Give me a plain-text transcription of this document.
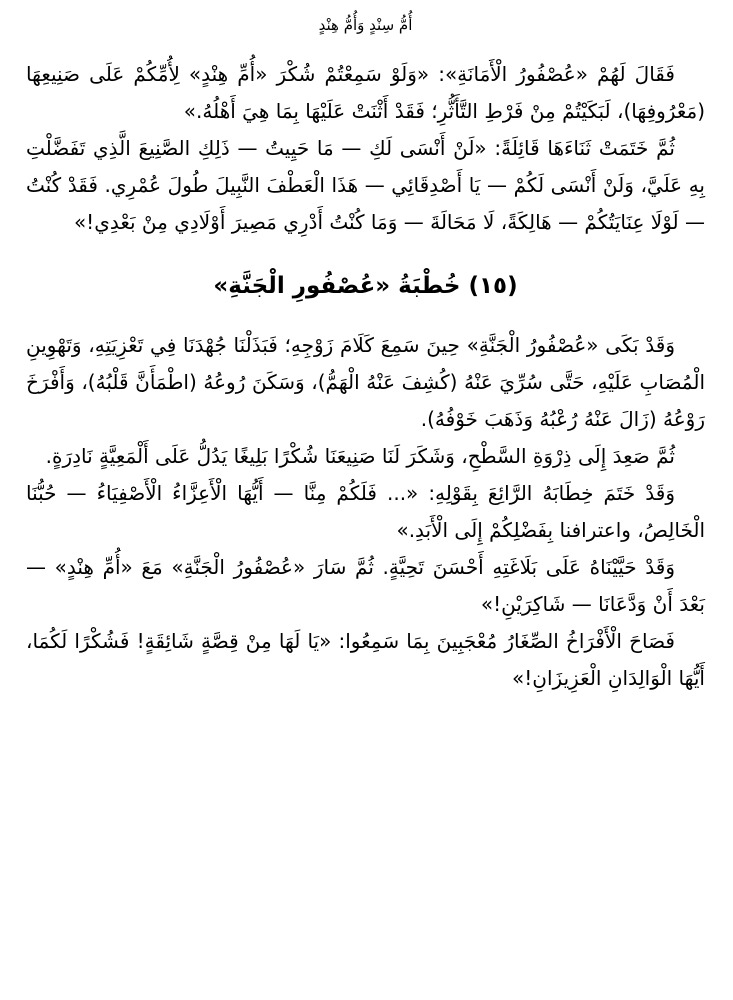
أُمُّ سِنْدٍ وَأُمُّ هِنْدٍ

فَقَالَ لَهُمْ «عُصْفُورُ الْأَمَانَةِ»: «وَلَوْ سَمِعْتُمْ شُكْرَ «أُمِّ هِنْدٍ» لِأُمِّكُمْ عَلَى صَنِيعِهَا (مَعْرُوفِهَا)، لَبَكَيْتُمْ مِنْ فَرْطِ التَّأَثُّرِ؛ فَقَدْ أَثْنَتْ عَلَيْهَا بِمَا هِيَ أَهْلُهُ.»

ثُمَّ خَتَمَتْ ثَنَاءَهَا قَائِلَةً: «لَنْ أَنْسَى لَكِ — مَا حَيِيتُ — ذَلِكِ الصَّنِيعَ الَّذِي تَفَضَّلْتِ بِهِ عَلَيَّ، وَلَنْ أَنْسَى لَكُمْ — يَا أَصْدِقَائِي — هَذَا الْعَطْفَ النَّبِيلَ طُولَ عُمْرِي. فَقَدْ كُنْتُ — لَوْلَا عِنَايَتُكُمْ — هَالِكَةً، لَا مَحَالَةَ — وَمَا كُنْتُ أَدْرِي مَصِيرَ أَوْلَادِي مِنْ بَعْدِي!»

(١٥) خُطْبَةُ «عُصْفُورِ الْجَنَّةِ»

وَقَدْ بَكَى «عُصْفُورُ الْجَنَّةِ» حِينَ سَمِعَ كَلَامَ زَوْجِهِ؛ فَبَذَلْنَا جُهْدَنَا فِي تَعْزِيَتِهِ، وَتَهْوِينِ الْمُصَابِ عَلَيْهِ، حَتَّى سُرِّيَ عَنْهُ (كُشِفَ عَنْهُ الْهَمُّ)، وَسَكَنَ رُوعُهُ (اطْمَأَنَّ قَلْبُهُ)، وَأَفْرَخَ رَوْعُهُ (زَالَ عَنْهُ رُعْبُهُ وَذَهَبَ خَوْفُهُ).

ثُمَّ صَعِدَ إِلَى ذِرْوَةِ السَّطْحِ، وَشَكَرَ لَنَا صَنِيعَنَا شُكْرًا بَلِيغًا يَدُلُّ عَلَى أَلْمَعِيَّةٍ نَادِرَةٍ.

وَقَدْ خَتَمَ خِطَابَهُ الرَّائِعَ بِقَوْلِهِ: «... فَلَكُمْ مِنَّا — أَيُّهَا الْأَعِزَّاءُ الْأَصْفِيَاءُ — حُبُّنَا الْخَالِصُ، واعترافنا بِفَضْلِكُمْ إِلَى الْأَبَدِ.»

وَقَدْ حَيَّيْنَاهُ عَلَى بَلَاغَتِهِ أَحْسَنَ تَحِيَّةٍ. ثُمَّ سَارَ «عُصْفُورُ الْجَنَّةِ» مَعَ «أُمِّ هِنْدٍ» — بَعْدَ أَنْ وَدَّعَانَا — شَاكِرَيْنِ!»

فَصَاحَ الْأَفْرَاخُ الصِّغَارُ مُعْجَبِينَ بِمَا سَمِعُوا: «يَا لَهَا مِنْ قِصَّةٍ شَائِقَةٍ! فَشُكْرًا لَكُمَا، أَيُّهَا الْوَالِدَانِ الْعَزِيزَانِ!»
